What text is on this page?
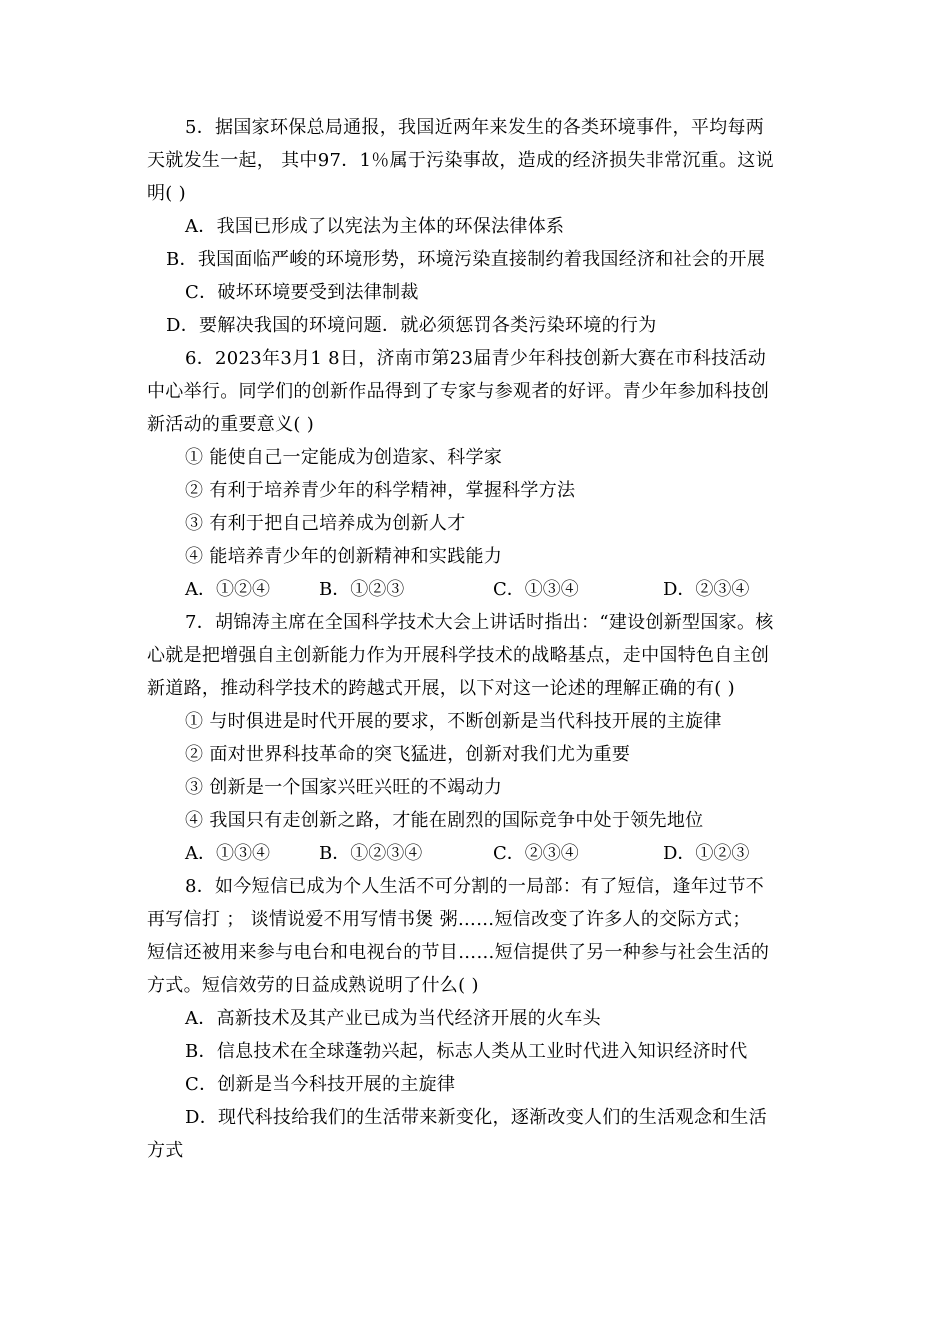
5．据国家环保总局通报，我国近两年来发生的各类环境事件，平均每两
天就发生一起， 其中97．1％属于污染事故，造成的经济损失非常沉重。这说
明( )
A．我国已形成了以宪法为主体的环保法律体系
B．我国面临严峻的环境形势，环境污染直接制约着我国经济和社会的开展
C．破坏环境要受到法律制裁
D．要解决我国的环境问题．就必须惩罚各类污染环境的行为
6．2023年3月1 8日，济南市第23届青少年科技创新大赛在市科技活动
中心举行。同学们的创新作品得到了专家与参观者的好评。青少年参加科技创
新活动的重要意义( )
① 能使自己一定能成为创造家、科学家
② 有利于培养青少年的科学精神，掌握科学方法
③ 有利于把自己培养成为创新人才
④ 能培养青少年的创新精神和实践能力
A．①②④	B．①②③	C．①③④	D．②③④
7．胡锦涛主席在全国科学技术大会上讲话时指出：“建设创新型国家。核
心就是把增强自主创新能力作为开展科学技术的战略基点，走中国特色自主创
新道路，推动科学技术的跨越式开展，以下对这一论述的理解正确的有( )
① 与时俱进是时代开展的要求，不断创新是当代科技开展的主旋律
② 面对世界科技革命的突飞猛进，创新对我们尤为重要
③ 创新是一个国家兴旺兴旺的不竭动力
④ 我国只有走创新之路，才能在剧烈的国际竞争中处于领先地位
A．①③④	B．①②③④	C．②③④	D．①②③
8．如今短信已成为个人生活不可分割的一局部：有了短信，逢年过节不
再写信打 ； 谈情说爱不用写情书煲 粥……短信改变了许多人的交际方式；
短信还被用来参与电台和电视台的节目……短信提供了另一种参与社会生活的
方式。短信效劳的日益成熟说明了什么( )
A．高新技术及其产业已成为当代经济开展的火车头
B．信息技术在全球蓬勃兴起，标志人类从工业时代进入知识经济时代
C．创新是当今科技开展的主旋律
D．现代科技给我们的生活带来新变化，逐渐改变人们的生活观念和生活
方式
